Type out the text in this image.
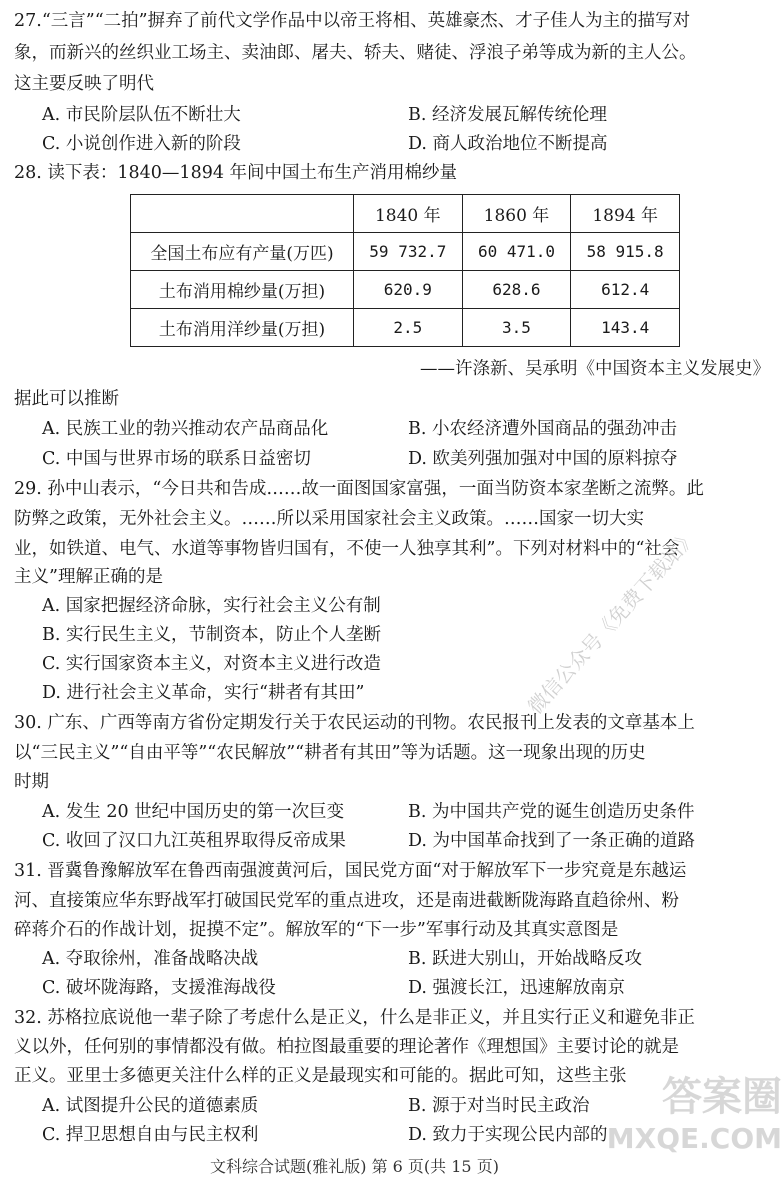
27.“三言”“二拍”摒弃了前代文学作品中以帝王将相、英雄豪杰、才子佳人为主的描写对
象，而新兴的丝织业工场主、卖油郎、屠夫、轿夫、赌徒、浮浪子弟等成为新的主人公。
这主要反映了明代
A. 市民阶层队伍不断壮大	B. 经济发展瓦解传统伦理
C. 小说创作进入新的阶段	D. 商人政治地位不断提高
28. 读下表：1840—1894 年间中国土布生产消用棉纱量
	1840 年	1860 年	1894 年
全国土布应有产量(万匹)	59 732.7	60 471.0	58 915.8
土布消用棉纱量(万担)	620.9	628.6	612.4
土布消用洋纱量(万担)	2.5	3.5	143.4
——许涤新、吴承明《中国资本主义发展史》
据此可以推断
A. 民族工业的勃兴推动农产品商品化	B. 小农经济遭外国商品的强劲冲击
C. 中国与世界市场的联系日益密切	D. 欧美列强加强对中国的原料掠夺
29. 孙中山表示，“今日共和告成……故一面图国家富强，一面当防资本家垄断之流弊。此
防弊之政策，无外社会主义。……所以采用国家社会主义政策。……国家一切大实
业，如铁道、电气、水道等事物皆归国有，不使一人独享其利”。下列对材料中的“社会
主义”理解正确的是
A. 国家把握经济命脉，实行社会主义公有制
B. 实行民生主义，节制资本，防止个人垄断
C. 实行国家资本主义，对资本主义进行改造
D. 进行社会主义革命，实行“耕者有其田”
30. 广东、广西等南方省份定期发行关于农民运动的刊物。农民报刊上发表的文章基本上
以“三民主义”“自由平等”“农民解放”“耕者有其田”等为话题。这一现象出现的历史
时期
A. 发生 20 世纪中国历史的第一次巨变	B. 为中国共产党的诞生创造历史条件
C. 收回了汉口九江英租界取得反帝成果	D. 为中国革命找到了一条正确的道路
31. 晋冀鲁豫解放军在鲁西南强渡黄河后，国民党方面“对于解放军下一步究竟是东越运
河、直接策应华东野战军打破国民党军的重点进攻，还是南进截断陇海路直趋徐州、粉
碎蒋介石的作战计划，捉摸不定”。解放军的“下一步”军事行动及其真实意图是
A. 夺取徐州，准备战略决战	B. 跃进大别山，开始战略反攻
C. 破坏陇海路，支援淮海战役	D. 强渡长江，迅速解放南京
32. 苏格拉底说他一辈子除了考虑什么是正义，什么是非正义，并且实行正义和避免非正
义以外，任何别的事情都没有做。柏拉图最重要的理论著作《理想国》主要讨论的就是
正义。亚里士多德更关注什么样的正义是最现实和可能的。据此可知，这些主张
A. 试图提升公民的道德素质	B. 源于对当时民主政治
C. 捍卫思想自由与民主权利	D. 致力于实现公民内部的
微信公众号《免费下载站》
答案圈
MXQE.COM
文科综合试题(雅礼版) 第 6 页(共 15 页)
